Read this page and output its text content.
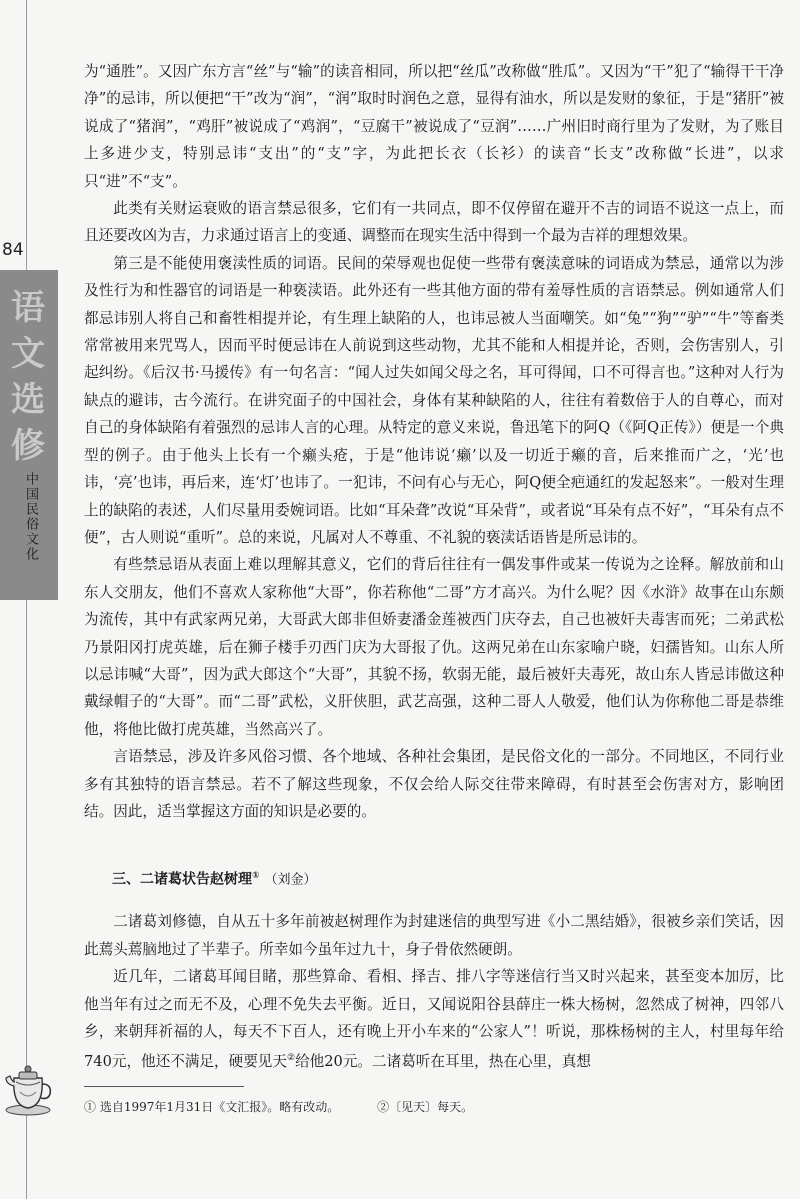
84
语
文
选
修
中国民俗文化

为“通胜”。又因广东方言“丝”与“输”的读音相同，所以把“丝瓜”改称做“胜瓜”。又因为“干”犯了“输得干干净净”的忌讳，所以便把“干”改为“润”，“润”取时时润色之意，显得有油水，所以是发财的象征，于是“猪肝”被说成了“猪润”，“鸡肝”被说成了“鸡润”，“豆腐干”被说成了“豆润”……广州旧时商行里为了发财，为了账目上多进少支，特别忌讳“支出”的“支”字，为此把长衣（长衫）的读音“长支”改称做“长进”，以求只“进”不“支”。

此类有关财运衰败的语言禁忌很多，它们有一共同点，即不仅停留在避开不吉的词语不说这一点上，而且还要改凶为吉，力求通过语言上的变通、调整而在现实生活中得到一个最为吉祥的理想效果。

第三是不能使用褒渎性质的词语。民间的荣辱观也促使一些带有褒渎意味的词语成为禁忌，通常以为涉及性行为和性器官的词语是一种亵渎语。此外还有一些其他方面的带有羞辱性质的言语禁忌。例如通常人们都忌讳别人将自己和畜牲相提并论，有生理上缺陷的人，也讳忌被人当面嘲笑。如“兔”“狗”“驴”“牛”等畜类常常被用来咒骂人，因而平时便忌讳在人前说到这些动物，尤其不能和人相提并论，否则，会伤害别人，引起纠纷。《后汉书·马援传》有一句名言：“闻人过失如闻父母之名，耳可得闻，口不可得言也。”这种对人行为缺点的避讳，古今流行。在讲究面子的中国社会，身体有某种缺陷的人，往往有着数倍于人的自尊心，而对自己的身体缺陷有着强烈的忌讳人言的心理。从特定的意义来说，鲁迅笔下的阿Q（《阿Q正传》）便是一个典型的例子。由于他头上长有一个癞头疮，于是“他讳说‘癞’以及一切近于癞的音，后来推而广之，‘光’也讳，‘亮’也讳，再后来，连‘灯’也讳了。一犯讳，不问有心与无心，阿Q便全疤通红的发起怒来”。一般对生理上的缺陷的表述，人们尽量用委婉词语。比如“耳朵聋”改说“耳朵背”，或者说“耳朵有点不好”，“耳朵有点不便”，古人则说“重听”。总的来说，凡属对人不尊重、不礼貌的亵渎话语皆是所忌讳的。

有些禁忌语从表面上难以理解其意义，它们的背后往往有一偶发事件或某一传说为之诠释。解放前和山东人交朋友，他们不喜欢人家称他“大哥”，你若称他“二哥”方才高兴。为什么呢？因《水浒》故事在山东颇为流传，其中有武家两兄弟，大哥武大郎非但娇妻潘金莲被西门庆夺去，自己也被奸夫毒害而死；二弟武松乃景阳冈打虎英雄，后在狮子楼手刃西门庆为大哥报了仇。这两兄弟在山东家喻户晓，妇孺皆知。山东人所以忌讳喊“大哥”，因为武大郎这个“大哥”，其貌不扬，软弱无能，最后被奸夫毒死，故山东人皆忌讳做这种戴绿帽子的“大哥”。而“二哥”武松，义肝侠胆，武艺高强，这种二哥人人敬爱，他们认为你称他二哥是恭维他，将他比做打虎英雄，当然高兴了。

言语禁忌，涉及许多风俗习惯、各个地域、各种社会集团，是民俗文化的一部分。不同地区，不同行业多有其独特的语言禁忌。若不了解这些现象，不仅会给人际交往带来障碍，有时甚至会伤害对方，影响团结。因此，适当掌握这方面的知识是必要的。

三、二诸葛状告赵树理① （刘金）

二诸葛刘修德，自从五十多年前被赵树理作为封建迷信的典型写进《小二黑结婚》，很被乡亲们笑话，因此蔫头蔫脑地过了半辈子。所幸如今虽年过九十，身子骨依然硬朗。

近几年，二诸葛耳闻目睹，那些算命、看相、择吉、排八字等迷信行当又时兴起来，甚至变本加厉，比他当年有过之而无不及，心理不免失去平衡。近日，又闻说阳谷县薛庄一株大杨树，忽然成了树神，四邻八乡，来朝拜祈福的人，每天不下百人，还有晚上开小车来的“公家人”！听说，那株杨树的主人，村里每年给740元，他还不满足，硬要见天②给他20元。二诸葛听在耳里，热在心里，真想

① 选自1997年1月31日《文汇报》。略有改动。	②〔见天〕每天。
